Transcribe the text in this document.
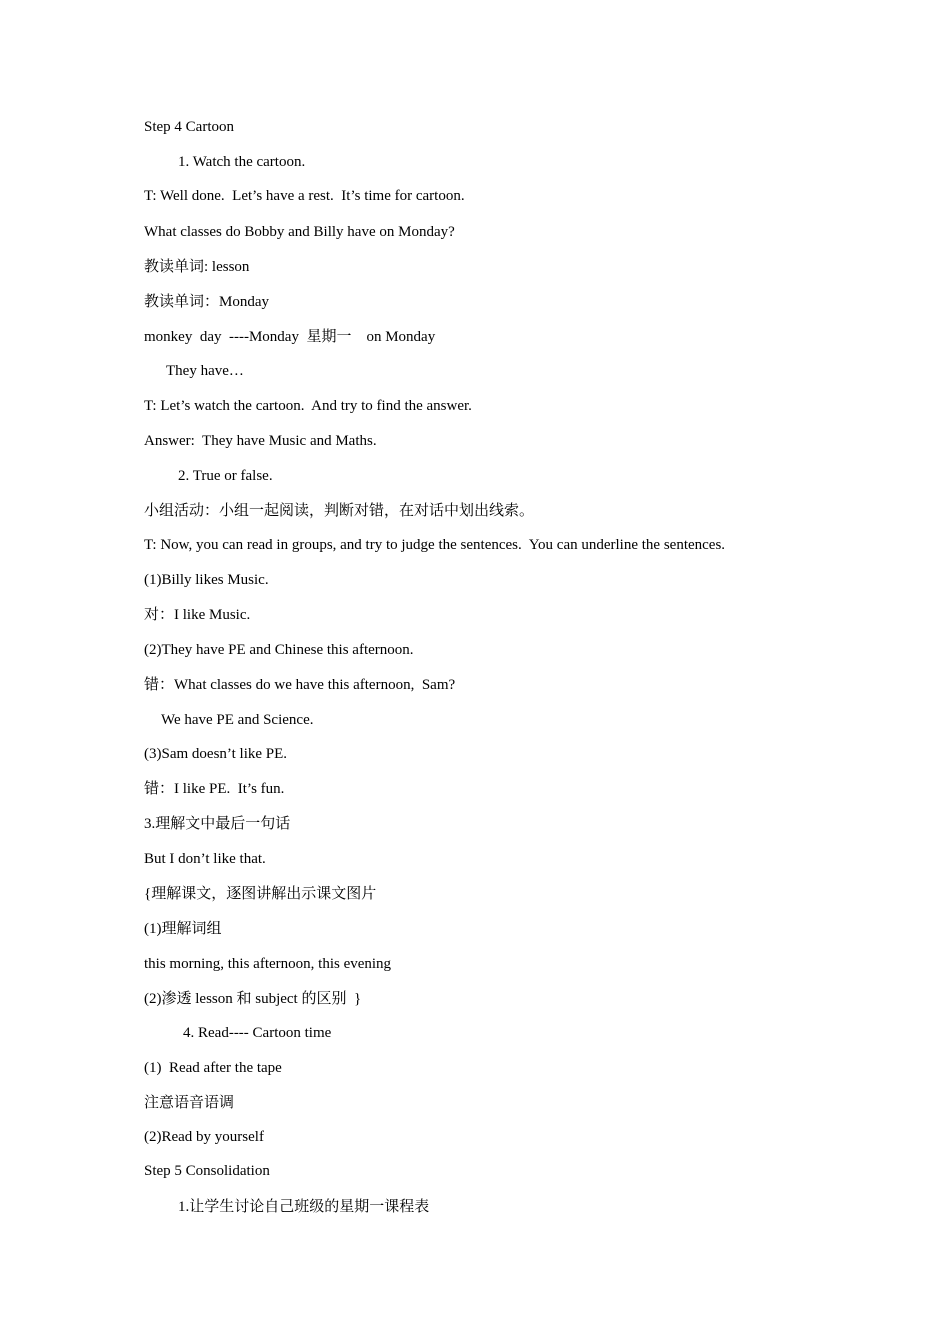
Step 4 Cartoon
1. Watch the cartoon.
T: Well done.  Let’s have a rest.  It’s time for cartoon.
What classes do Bobby and Billy have on Monday?
教读单词: lesson
教读单词：Monday
monkey  day  ----Monday  星期一    on Monday
They have…
T: Let’s watch the cartoon.  And try to find the answer.
Answer:  They have Music and Maths.
2. True or false.
小组活动：小组一起阅读，判断对错，在对话中划出线索。
T: Now, you can read in groups, and try to judge the sentences.  You can underline the sentences.
(1)Billy likes Music.
对：I like Music.
(2)They have PE and Chinese this afternoon.
错：What classes do we have this afternoon,  Sam?
We have PE and Science.
(3)Sam doesn’t like PE.
错：I like PE.  It’s fun.
3.理解文中最后一句话
But I don’t like that.
{理解课文，逐图讲解出示课文图片
(1)理解词组
this morning, this afternoon, this evening
(2)渗透 lesson 和 subject 的区别  }
4. Read---- Cartoon time
(1)  Read after the tape
注意语音语调
(2)Read by yourself
Step 5 Consolidation
1.让学生讨论自己班级的星期一课程表
